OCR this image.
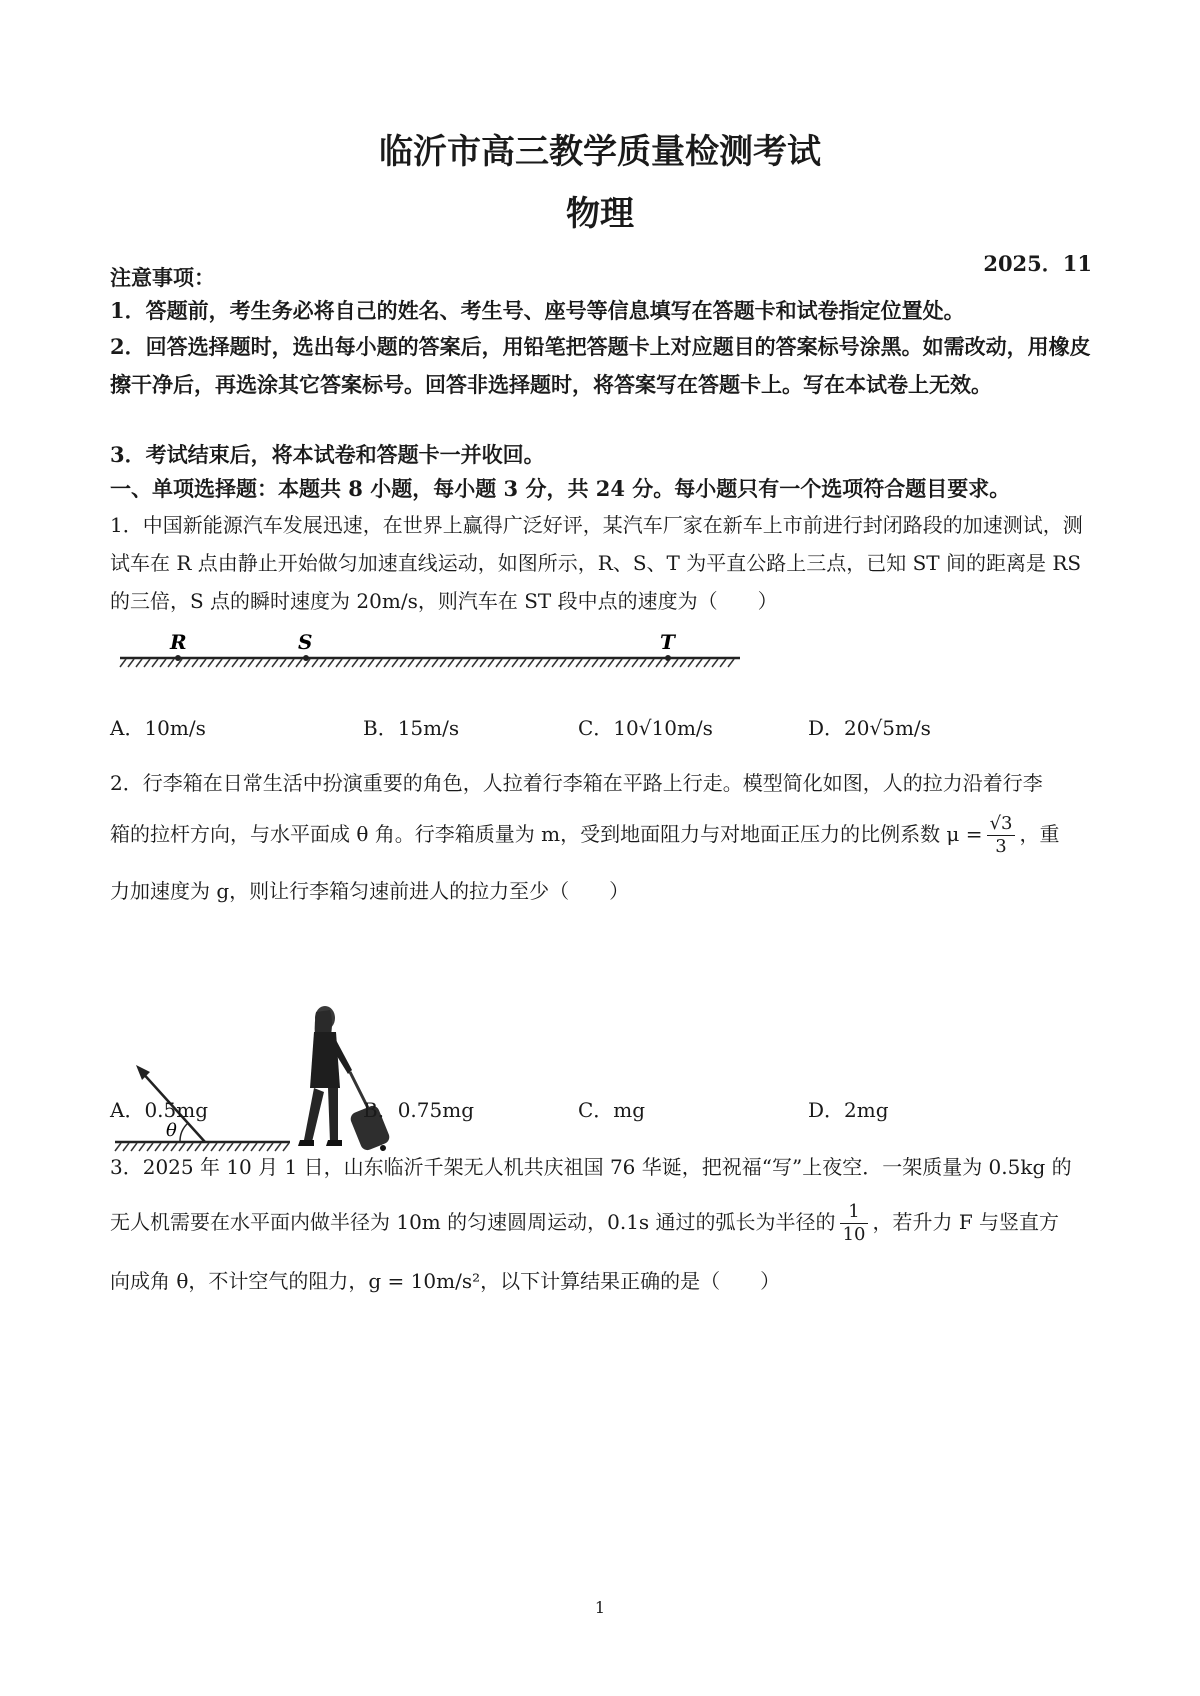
临沂市高三教学质量检测考试
物理
2025．11
注意事项：
1．答题前，考生务必将自己的姓名、考生号、座号等信息填写在答题卡和试卷指定位置处。
2．回答选择题时，选出每小题的答案后，用铅笔把答题卡上对应题目的答案标号涂黑。如需改动，用橡皮擦干净后，再选涂其它答案标号。回答非选择题时，将答案写在答题卡上。写在本试卷上无效。
3．考试结束后，将本试卷和答题卡一并收回。
一、单项选择题：本题共 8 小题，每小题 3 分，共 24 分。每小题只有一个选项符合题目要求。
1．中国新能源汽车发展迅速，在世界上赢得广泛好评，某汽车厂家在新车上市前进行封闭路段的加速测试，测试车在 R 点由静止开始做匀加速直线运动，如图所示，R、S、T 为平直公路上三点，已知 ST 间的距离是 RS 的三倍，S 点的瞬时速度为 20m/s，则汽车在 ST 段中点的速度为（　　）
R	S	T
A．10m/s	B．15m/s	C．10√10m/s	D．20√5m/s
2．行李箱在日常生活中扮演重要的角色，人拉着行李箱在平路上行走。模型简化如图，人的拉力沿着行李
箱的拉杆方向，与水平面成 θ 角。行李箱质量为 m，受到地面阻力与对地面正压力的比例系数 $\mu = \frac{√3}{3}$ ，重
力加速度为 g，则让行李箱匀速前进人的拉力至少（　　）
θ
A．0.5mg	B．0.75mg	C．mg	D．2mg
3．2025 年 10 月 1 日，山东临沂千架无人机共庆祖国 76 华诞，把祝福“写”上夜空．一架质量为 0.5kg 的
无人机需要在水平面内做半径为 10m 的匀速圆周运动，0.1s 通过的弧长为半径的 $\frac{1}{10}$ ，若升力 F 与竖直方
向成角 θ，不计空气的阻力，g = 10m/s²，以下计算结果正确的是（　　）
1
